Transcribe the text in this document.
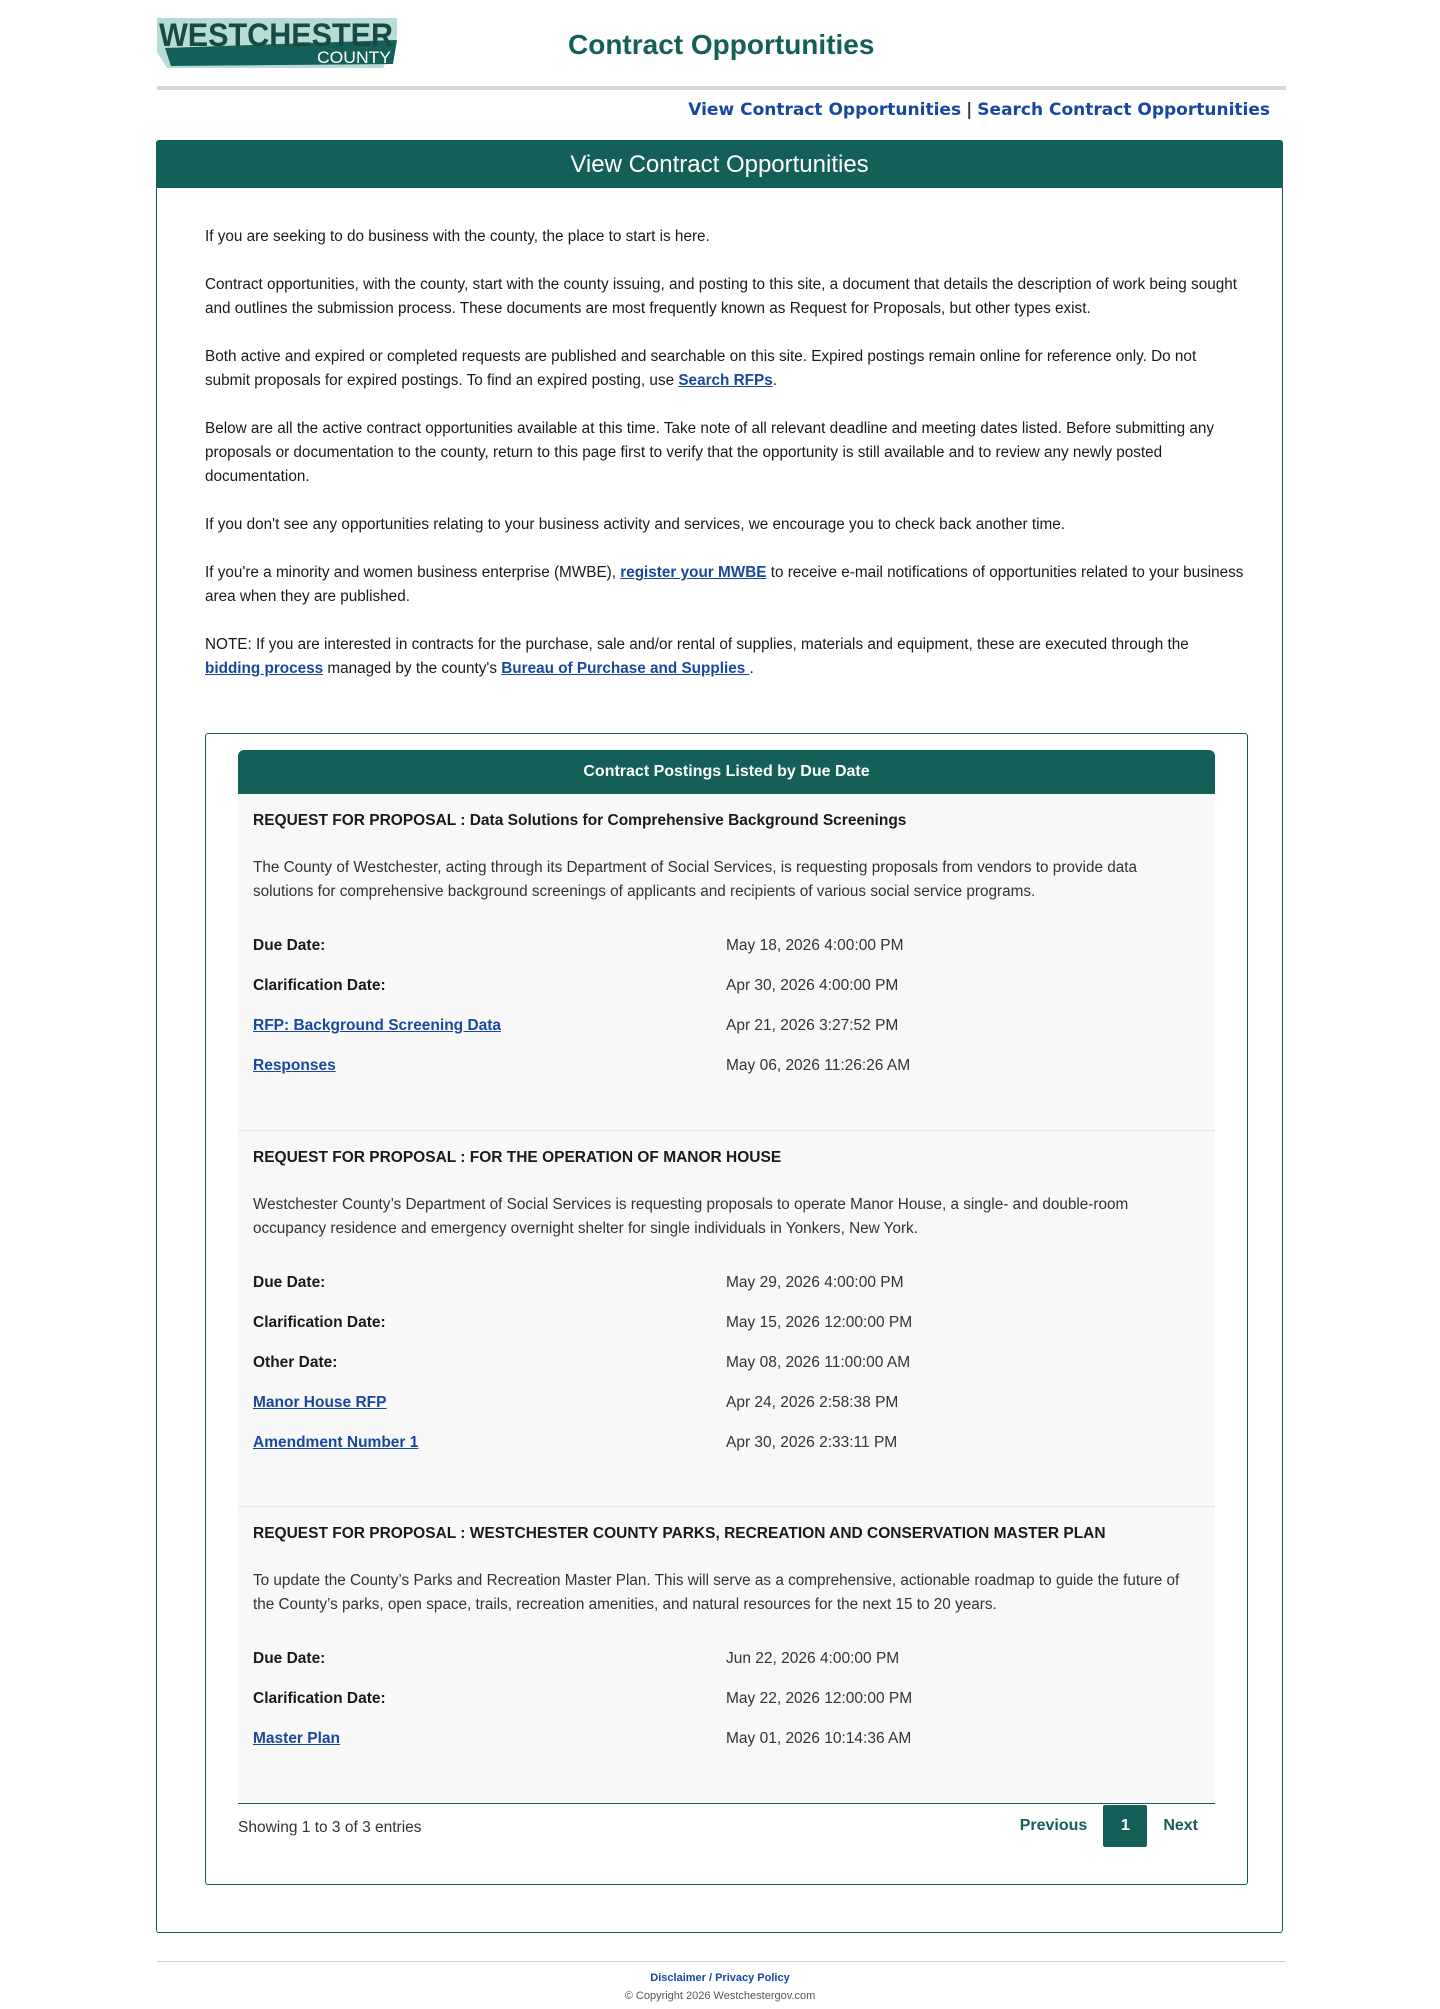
WESTCHESTER
COUNTY	Contract Opportunities
View Contract Opportunities | Search Contract Opportunities
View Contract Opportunities

If you are seeking to do business with the county, the place to start is here.

Contract opportunities, with the county, start with the county issuing, and posting to this site, a document that details the description of work being sought and outlines the submission process. These documents are most frequently known as Request for Proposals, but other types exist.

Both active and expired or completed requests are published and searchable on this site. Expired postings remain online for reference only. Do not submit proposals for expired postings. To find an expired posting, use Search RFPs.

Below are all the active contract opportunities available at this time. Take note of all relevant deadline and meeting dates listed. Before submitting any proposals or documentation to the county, return to this page first to verify that the opportunity is still available and to review any newly posted documentation.

If you don't see any opportunities relating to your business activity and services, we encourage you to check back another time.

If you're a minority and women business enterprise (MWBE), register your MWBE to receive e-mail notifications of opportunities related to your business area when they are published.

NOTE: If you are interested in contracts for the purchase, sale and/or rental of supplies, materials and equipment, these are executed through the bidding process managed by the county's Bureau of Purchase and Supplies .

Contract Postings Listed by Due Date
REQUEST FOR PROPOSAL : Data Solutions for Comprehensive Background Screenings
The County of Westchester, acting through its Department of Social Services, is requesting proposals from vendors to provide data solutions for comprehensive background screenings of applicants and recipients of various social service programs.
Due Date:	May 18, 2026 4:00:00 PM
Clarification Date:	Apr 30, 2026 4:00:00 PM
RFP: Background Screening Data	Apr 21, 2026 3:27:52 PM
Responses	May 06, 2026 11:26:26 AM
REQUEST FOR PROPOSAL : FOR THE OPERATION OF MANOR HOUSE
Westchester County’s Department of Social Services is requesting proposals to operate Manor House, a single- and double-room occupancy residence and emergency overnight shelter for single individuals in Yonkers, New York.
Due Date:	May 29, 2026 4:00:00 PM
Clarification Date:	May 15, 2026 12:00:00 PM
Other Date:	May 08, 2026 11:00:00 AM
Manor House RFP	Apr 24, 2026 2:58:38 PM
Amendment Number 1	Apr 30, 2026 2:33:11 PM
REQUEST FOR PROPOSAL : WESTCHESTER COUNTY PARKS, RECREATION AND CONSERVATION MASTER PLAN
To update the County’s Parks and Recreation Master Plan. This will serve as a comprehensive, actionable roadmap to guide the future of the County’s parks, open space, trails, recreation amenities, and natural resources for the next 15 to 20 years.
Due Date:	Jun 22, 2026 4:00:00 PM
Clarification Date:	May 22, 2026 12:00:00 PM
Master Plan	May 01, 2026 10:14:36 AM
Showing 1 to 3 of 3 entries	Previous	1	Next
Disclaimer / Privacy Policy
© Copyright 2026 Westchestergov.com
